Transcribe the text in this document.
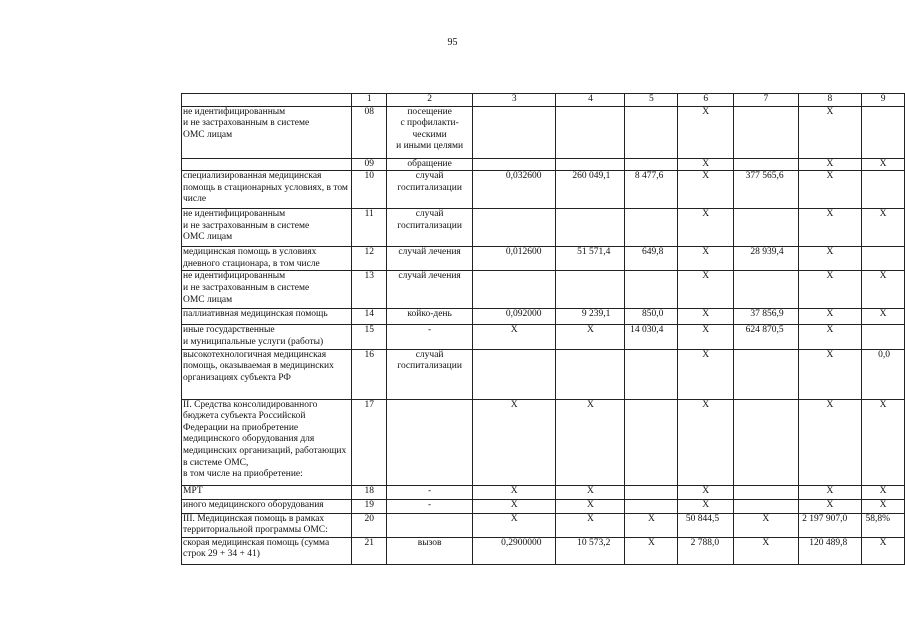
95
	1	2	3	4	5	6	7	8	9
не идентифицированным
и не застрахованным в системе
ОМС лицам	08	посещение
с профилакти-
ческими
и иными целями				Х		Х	
	09	обращение				Х		Х	Х
специализированная медицинская помощь в стационарных условиях, в том числе	10	случай госпитализации	0,032600	260 049,1	8 477,6	Х	377 565,6	Х	
не идентифицированным
и не застрахованным в системе
ОМС лицам	11	случай госпитализации				Х		Х	Х
медицинская помощь в условиях дневного стационара, в том числе	12	случай лечения	0,012600	51 571,4	649,8	Х	28 939,4	Х	
не идентифицированным
и не застрахованным в системе
ОМС лицам	13	случай лечения				Х		Х	Х
паллиативная медицинская помощь	14	койко-день	0,092000	9 239,1	850,0	Х	37 856,9	Х	Х
иные государственные
и муниципальные услуги (работы)	15	-	Х	Х	14 030,4	Х	624 870,5	Х	
высокотехнологичная медицинская помощь, оказываемая в медицинских организациях субъекта РФ	16	случай госпитализации				Х		Х	0,0
II. Средства консолидированного бюджета субъекта Российской Федерации на приобретение медицинского оборудования для медицинских организаций, работающих в системе ОМС,
в том числе на приобретение:	17		Х	Х		Х		Х	Х
МРТ	18	-	Х	Х		Х		Х	Х
иного медицинского оборудования	19	-	Х	Х		Х		Х	Х
III. Медицинская помощь в рамках территориальной программы ОМС:	20		Х	Х	Х	50 844,5	Х	2 197 907,0	58,8%
скорая медицинская помощь (сумма строк 29 + 34 + 41)	21	вызов	0,2900000	10 573,2	Х	2 788,0	Х	120 489,8	Х
